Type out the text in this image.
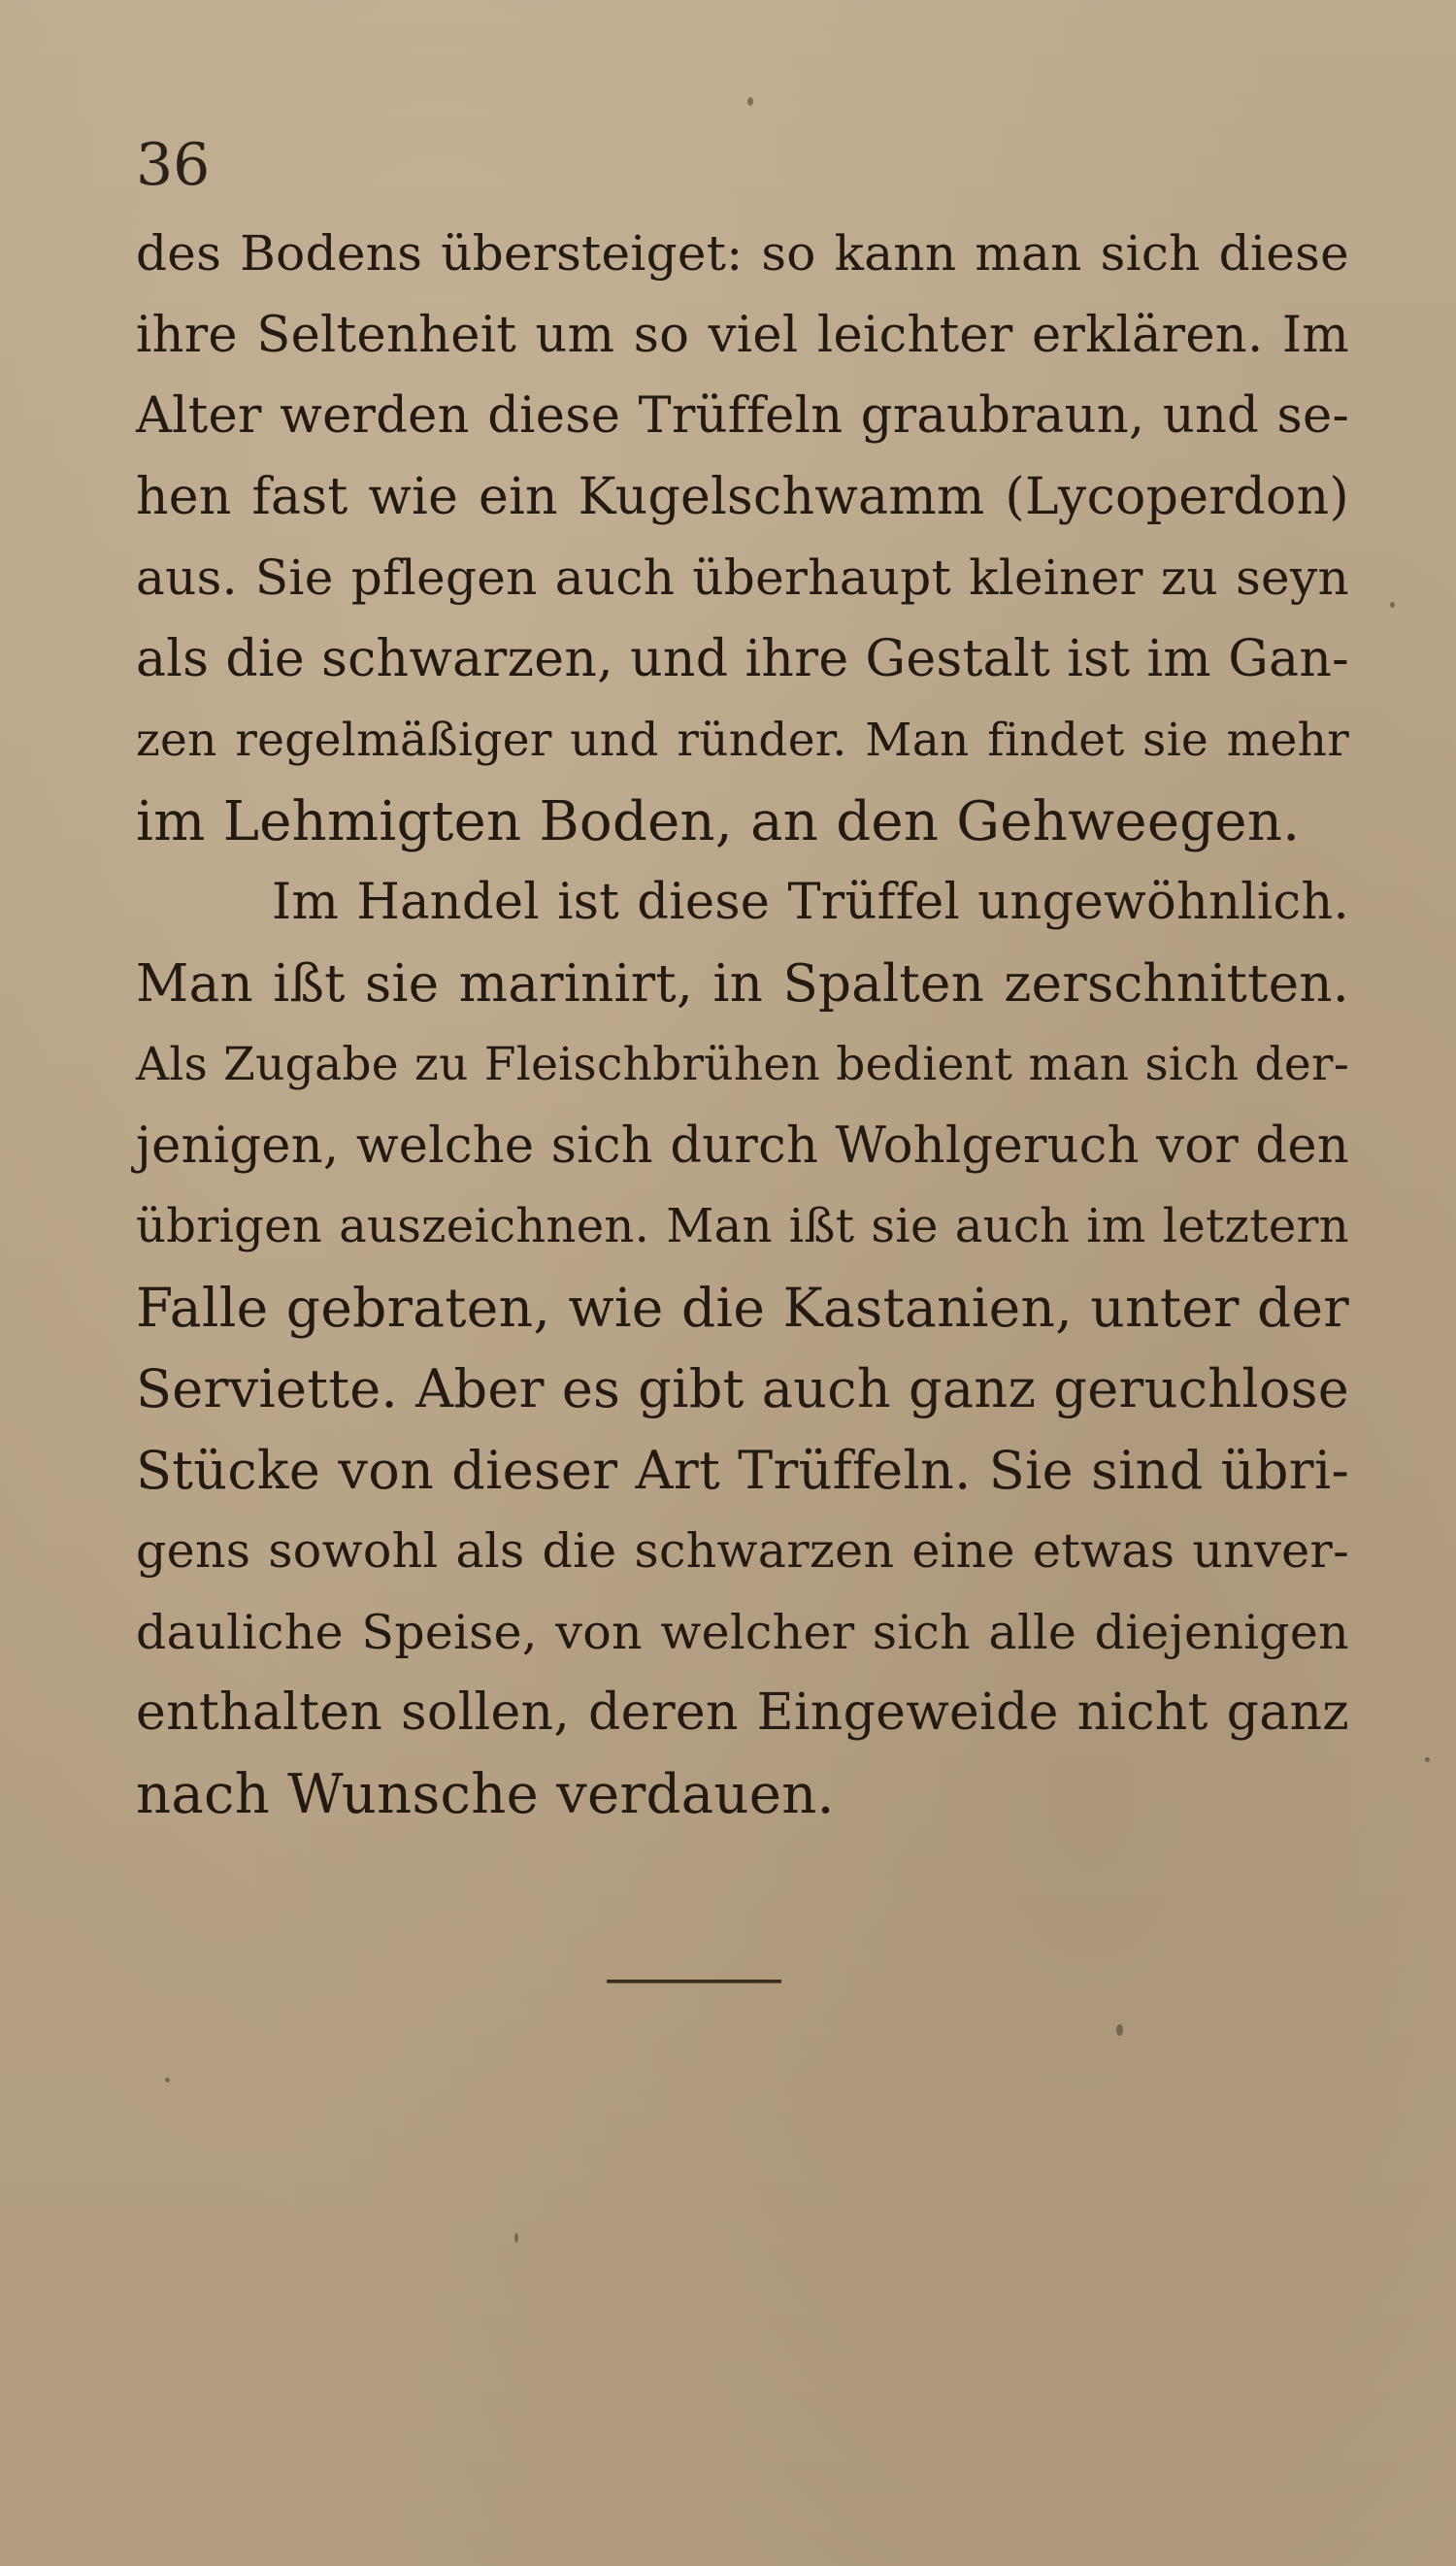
36

des Bodens übersteiget: so kann man sich diese
ihre Seltenheit um so viel leichter erklären. Im
Alter werden diese Trüffeln graubraun, und se-
hen fast wie ein Kugelschwamm (Lycoperdon)
aus. Sie pflegen auch überhaupt kleiner zu seyn
als die schwarzen, und ihre Gestalt ist im Gan-
zen regelmäßiger und ründer. Man findet sie mehr
im Lehmigten Boden, an den Gehweegen.
Im Handel ist diese Trüffel ungewöhnlich.
Man ißt sie marinirt, in Spalten zerschnitten.
Als Zugabe zu Fleischbrühen bedient man sich der-
jenigen, welche sich durch Wohlgeruch vor den
übrigen auszeichnen. Man ißt sie auch im letztern
Falle gebraten, wie die Kastanien, unter der
Serviette. Aber es gibt auch ganz geruchlose
Stücke von dieser Art Trüffeln. Sie sind übri-
gens sowohl als die schwarzen eine etwas unver-
dauliche Speise, von welcher sich alle diejenigen
enthalten sollen, deren Eingeweide nicht ganz
nach Wunsche verdauen.
